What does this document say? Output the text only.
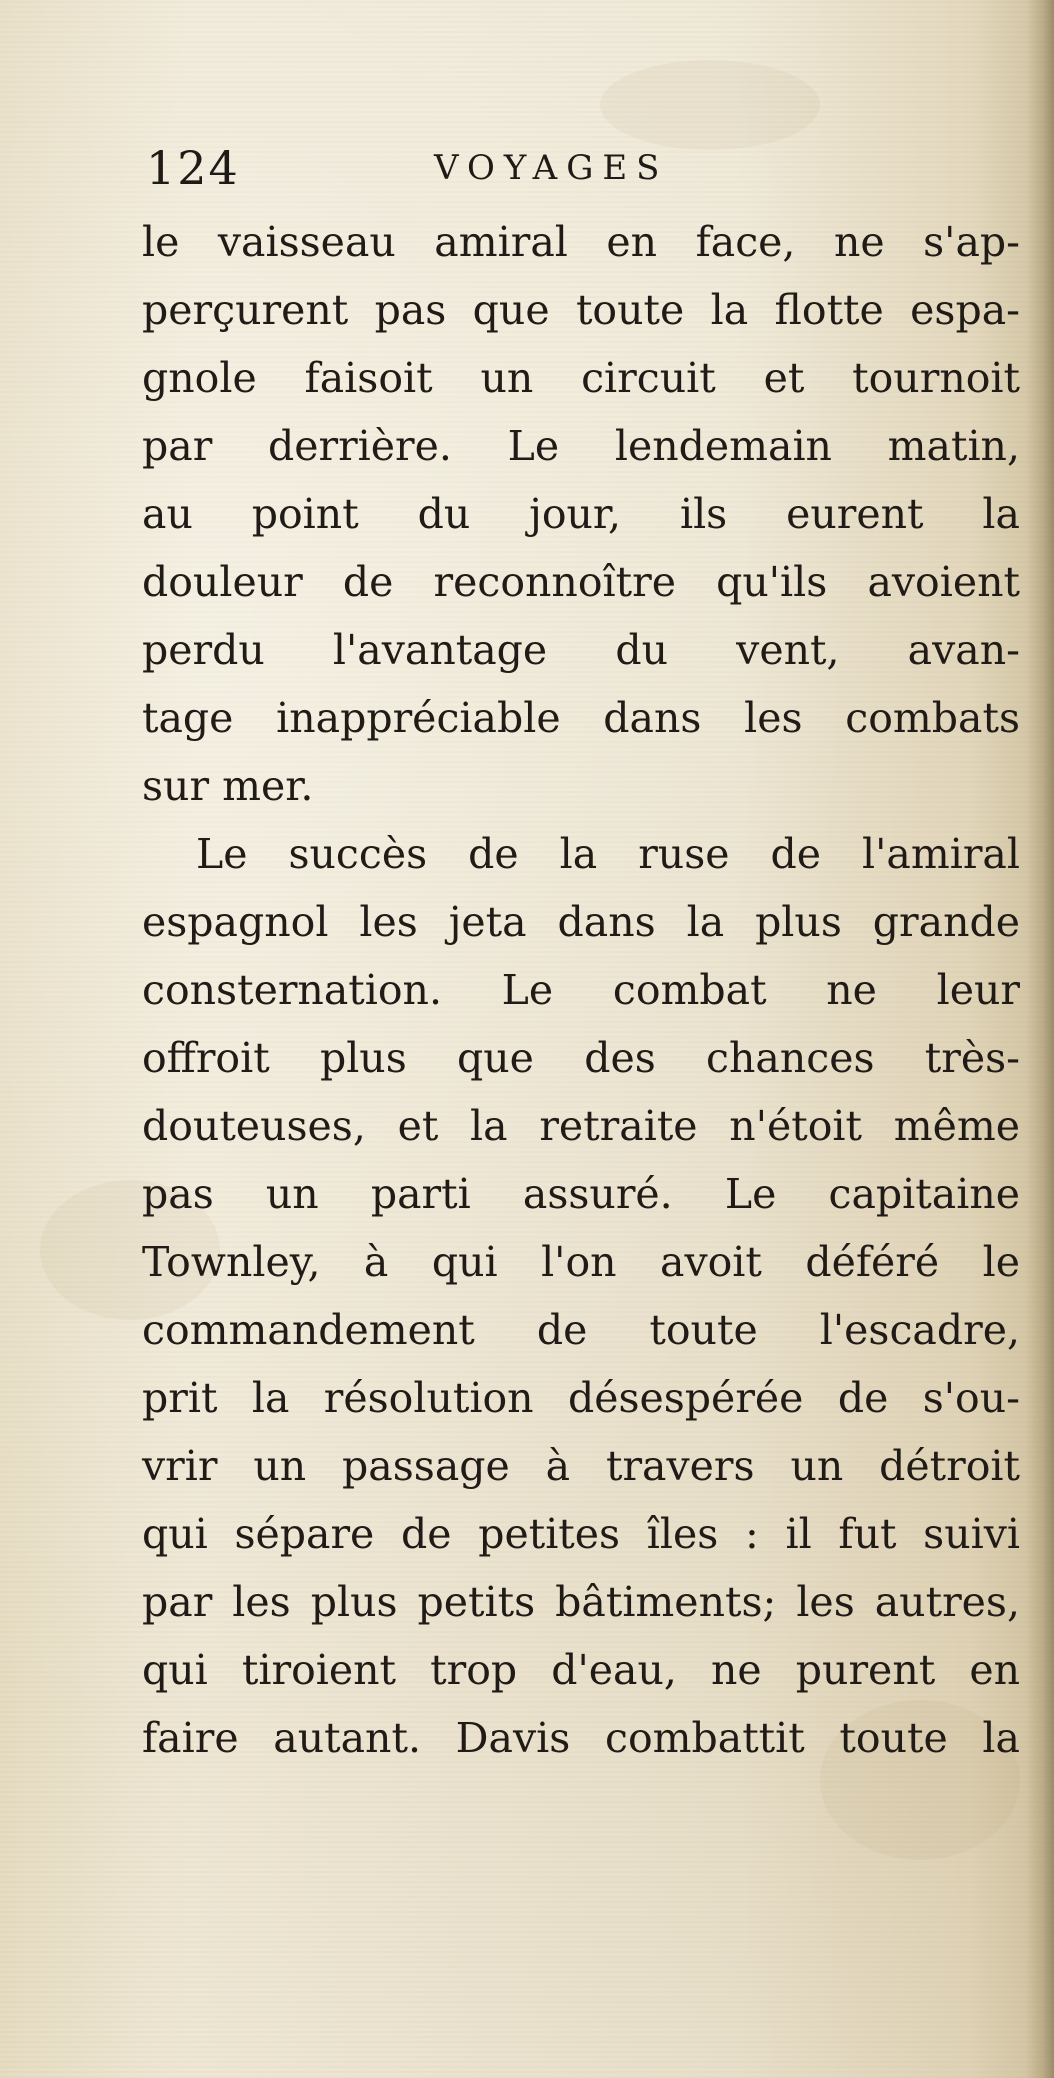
124	VOYAGES
le vaisseau amiral en face, ne s'ap-
perçurent pas que toute la flotte espa-
gnole faisoit un circuit et tournoit
par derrière. Le lendemain matin,
au point du jour, ils eurent la
douleur de reconnoître qu'ils avoient
perdu l'avantage du vent, avan-
tage inappréciable dans les combats
sur mer.
Le succès de la ruse de l'amiral
espagnol les jeta dans la plus grande
consternation. Le combat ne leur
offroit plus que des chances très-
douteuses, et la retraite n'étoit même
pas un parti assuré. Le capitaine
Townley, à qui l'on avoit déféré le
commandement de toute l'escadre,
prit la résolution désespérée de s'ou-
vrir un passage à travers un détroit
qui sépare de petites îles : il fut suivi
par les plus petits bâtiments; les autres,
qui tiroient trop d'eau, ne purent en
faire autant. Davis combattit toute la
